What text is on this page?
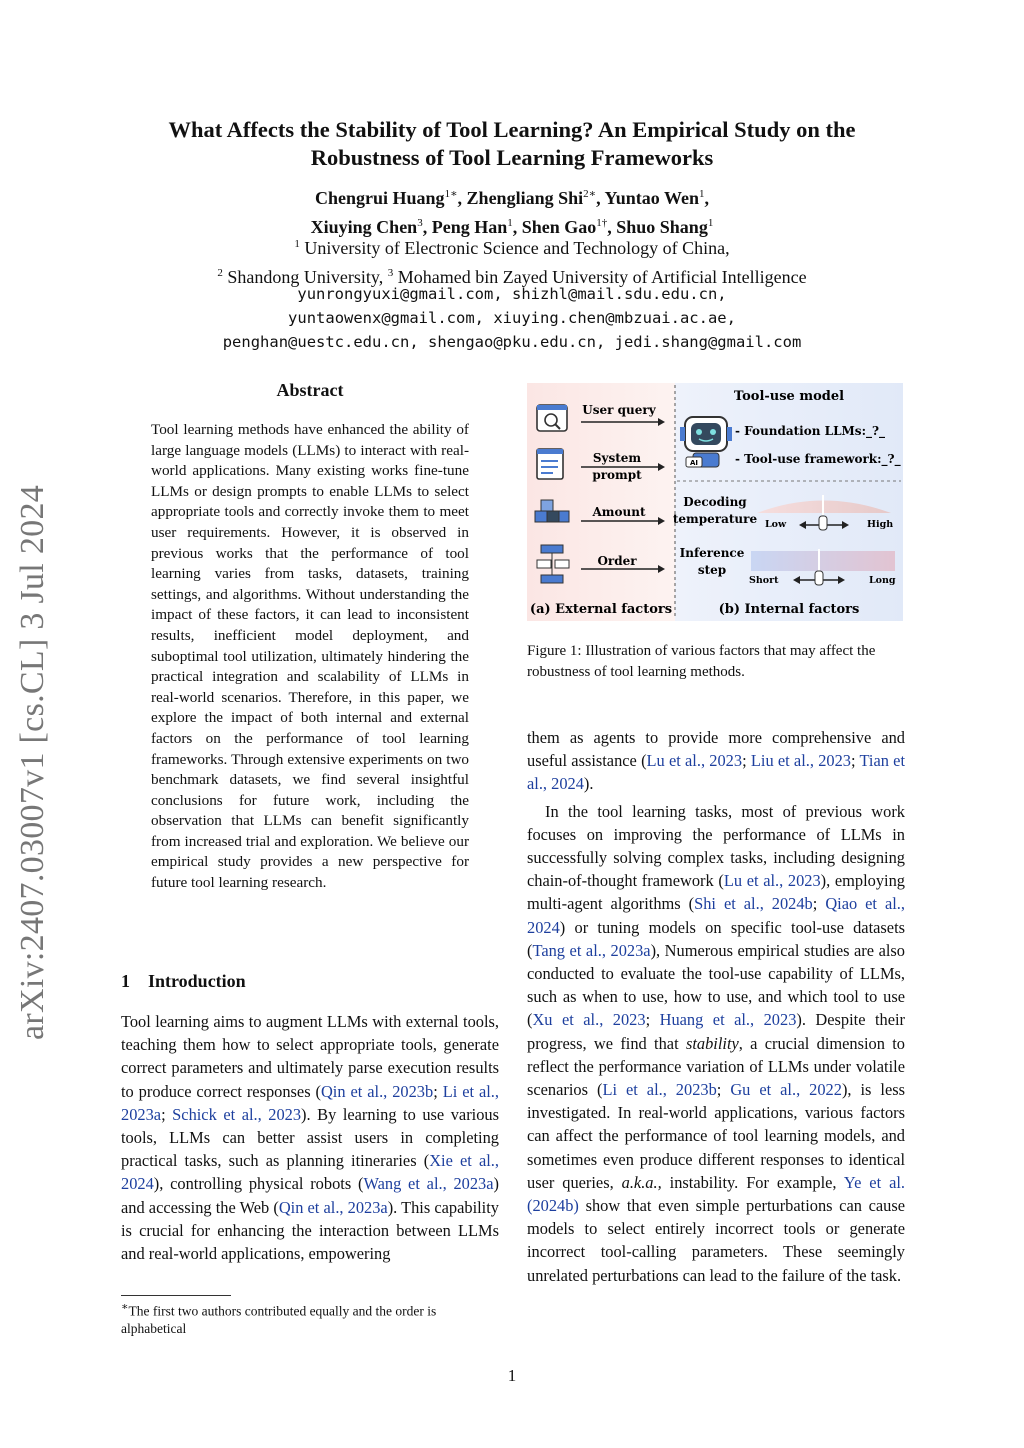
What Affects the Stability of Tool Learning? An Empirical Study on the
Robustness of Tool Learning Frameworks
Chengrui Huang$^{1∗}$, Zhengliang Shi$^{2∗}$, Yuntao Wen$^1$,
Xiuying Chen$^3$, Peng Han$^1$, Shen Gao$^{1\dagger}$, Shuo Shang$^1$
$^1$ University of Electronic Science and Technology of China,
$^2$ Shandong University, $^3$ Mohamed bin Zayed University of Artificial Intelligence
yunrongyuxi@gmail.com, shizhl@mail.sdu.edu.cn,
yuntaowenx@gmail.com, xiuying.chen@mbzuai.ac.ae,
penghan@uestc.edu.cn, shengao@pku.edu.cn, jedi.shang@gmail.com
arXiv:2407.03007v1 [cs.CL] 3 Jul 2024
Abstract
Tool learning methods have enhanced the ability of large language models (LLMs) to interact with real-world applications. Many existing works fine-tune LLMs or design prompts to enable LLMs to select appropriate tools and correctly invoke them to meet user requirements. However, it is observed in previous works that the performance of tool learning varies from tasks, datasets, training settings, and algorithms. Without understanding the impact of these factors, it can lead to inconsistent results, inefficient model deployment, and suboptimal tool utilization, ultimately hindering the practical integration and scalability of LLMs in real-world scenarios. Therefore, in this paper, we explore the impact of both internal and external factors on the performance of tool learning frameworks. Through extensive experiments on two benchmark datasets, we find several insightful conclusions for future work, including the observation that LLMs can benefit significantly from increased trial and exploration. We believe our empirical study provides a new perspective for future tool learning research.
1 Introduction
Tool learning aims to augment LLMs with external tools, teaching them how to select appropriate tools, generate correct parameters and ultimately parse execution results to produce correct responses (Qin et al., 2023b; Li et al., 2023a; Schick et al., 2023). By learning to use various tools, LLMs can better assist users in completing practical tasks, such as planning itineraries (Xie et al., 2024), controlling physical robots (Wang et al., 2023a) and accessing the Web (Qin et al., 2023a). This capability is crucial for enhancing the interaction between LLMs and real-world applications, empowering
∗The first two authors contributed equally and the order is alphabetical
User query
System
prompt
Amount
Order
(a) External factors
Tool-use model
AI
- Foundation LLMs:_?_
- Tool-use framework:_?_
Decoding
temperature Low	High
Inference
step
Short	Long
(b) Internal factors
Figure 1: Illustration of various factors that may affect the robustness of tool learning methods.

them as agents to provide more comprehensive and useful assistance (Lu et al., 2023; Liu et al., 2023; Tian et al., 2024).

In the tool learning tasks, most of previous work focuses on improving the performance of LLMs in successfully solving complex tasks, including designing chain-of-thought framework (Lu et al., 2023), employing multi-agent algorithms (Shi et al., 2024b; Qiao et al., 2024) or tuning models on specific tool-use datasets (Tang et al., 2023a), Numerous empirical studies are also conducted to evaluate the tool-use capability of LLMs, such as when to use, how to use, and which tool to use (Xu et al., 2023; Huang et al., 2023). Despite their progress, we find that stability, a crucial dimension to reflect the performance variation of LLMs under volatile scenarios (Li et al., 2023b; Gu et al., 2022), is less investigated. In real-world applications, various factors can affect the performance of tool learning models, and sometimes even produce different responses to identical user queries, a.k.a., instability. For example, Ye et al. (2024b) show that even simple perturbations can cause models to select entirely incorrect tools or generate incorrect tool-calling parameters. These seemingly unrelated perturbations can lead to the failure of the task.

1
